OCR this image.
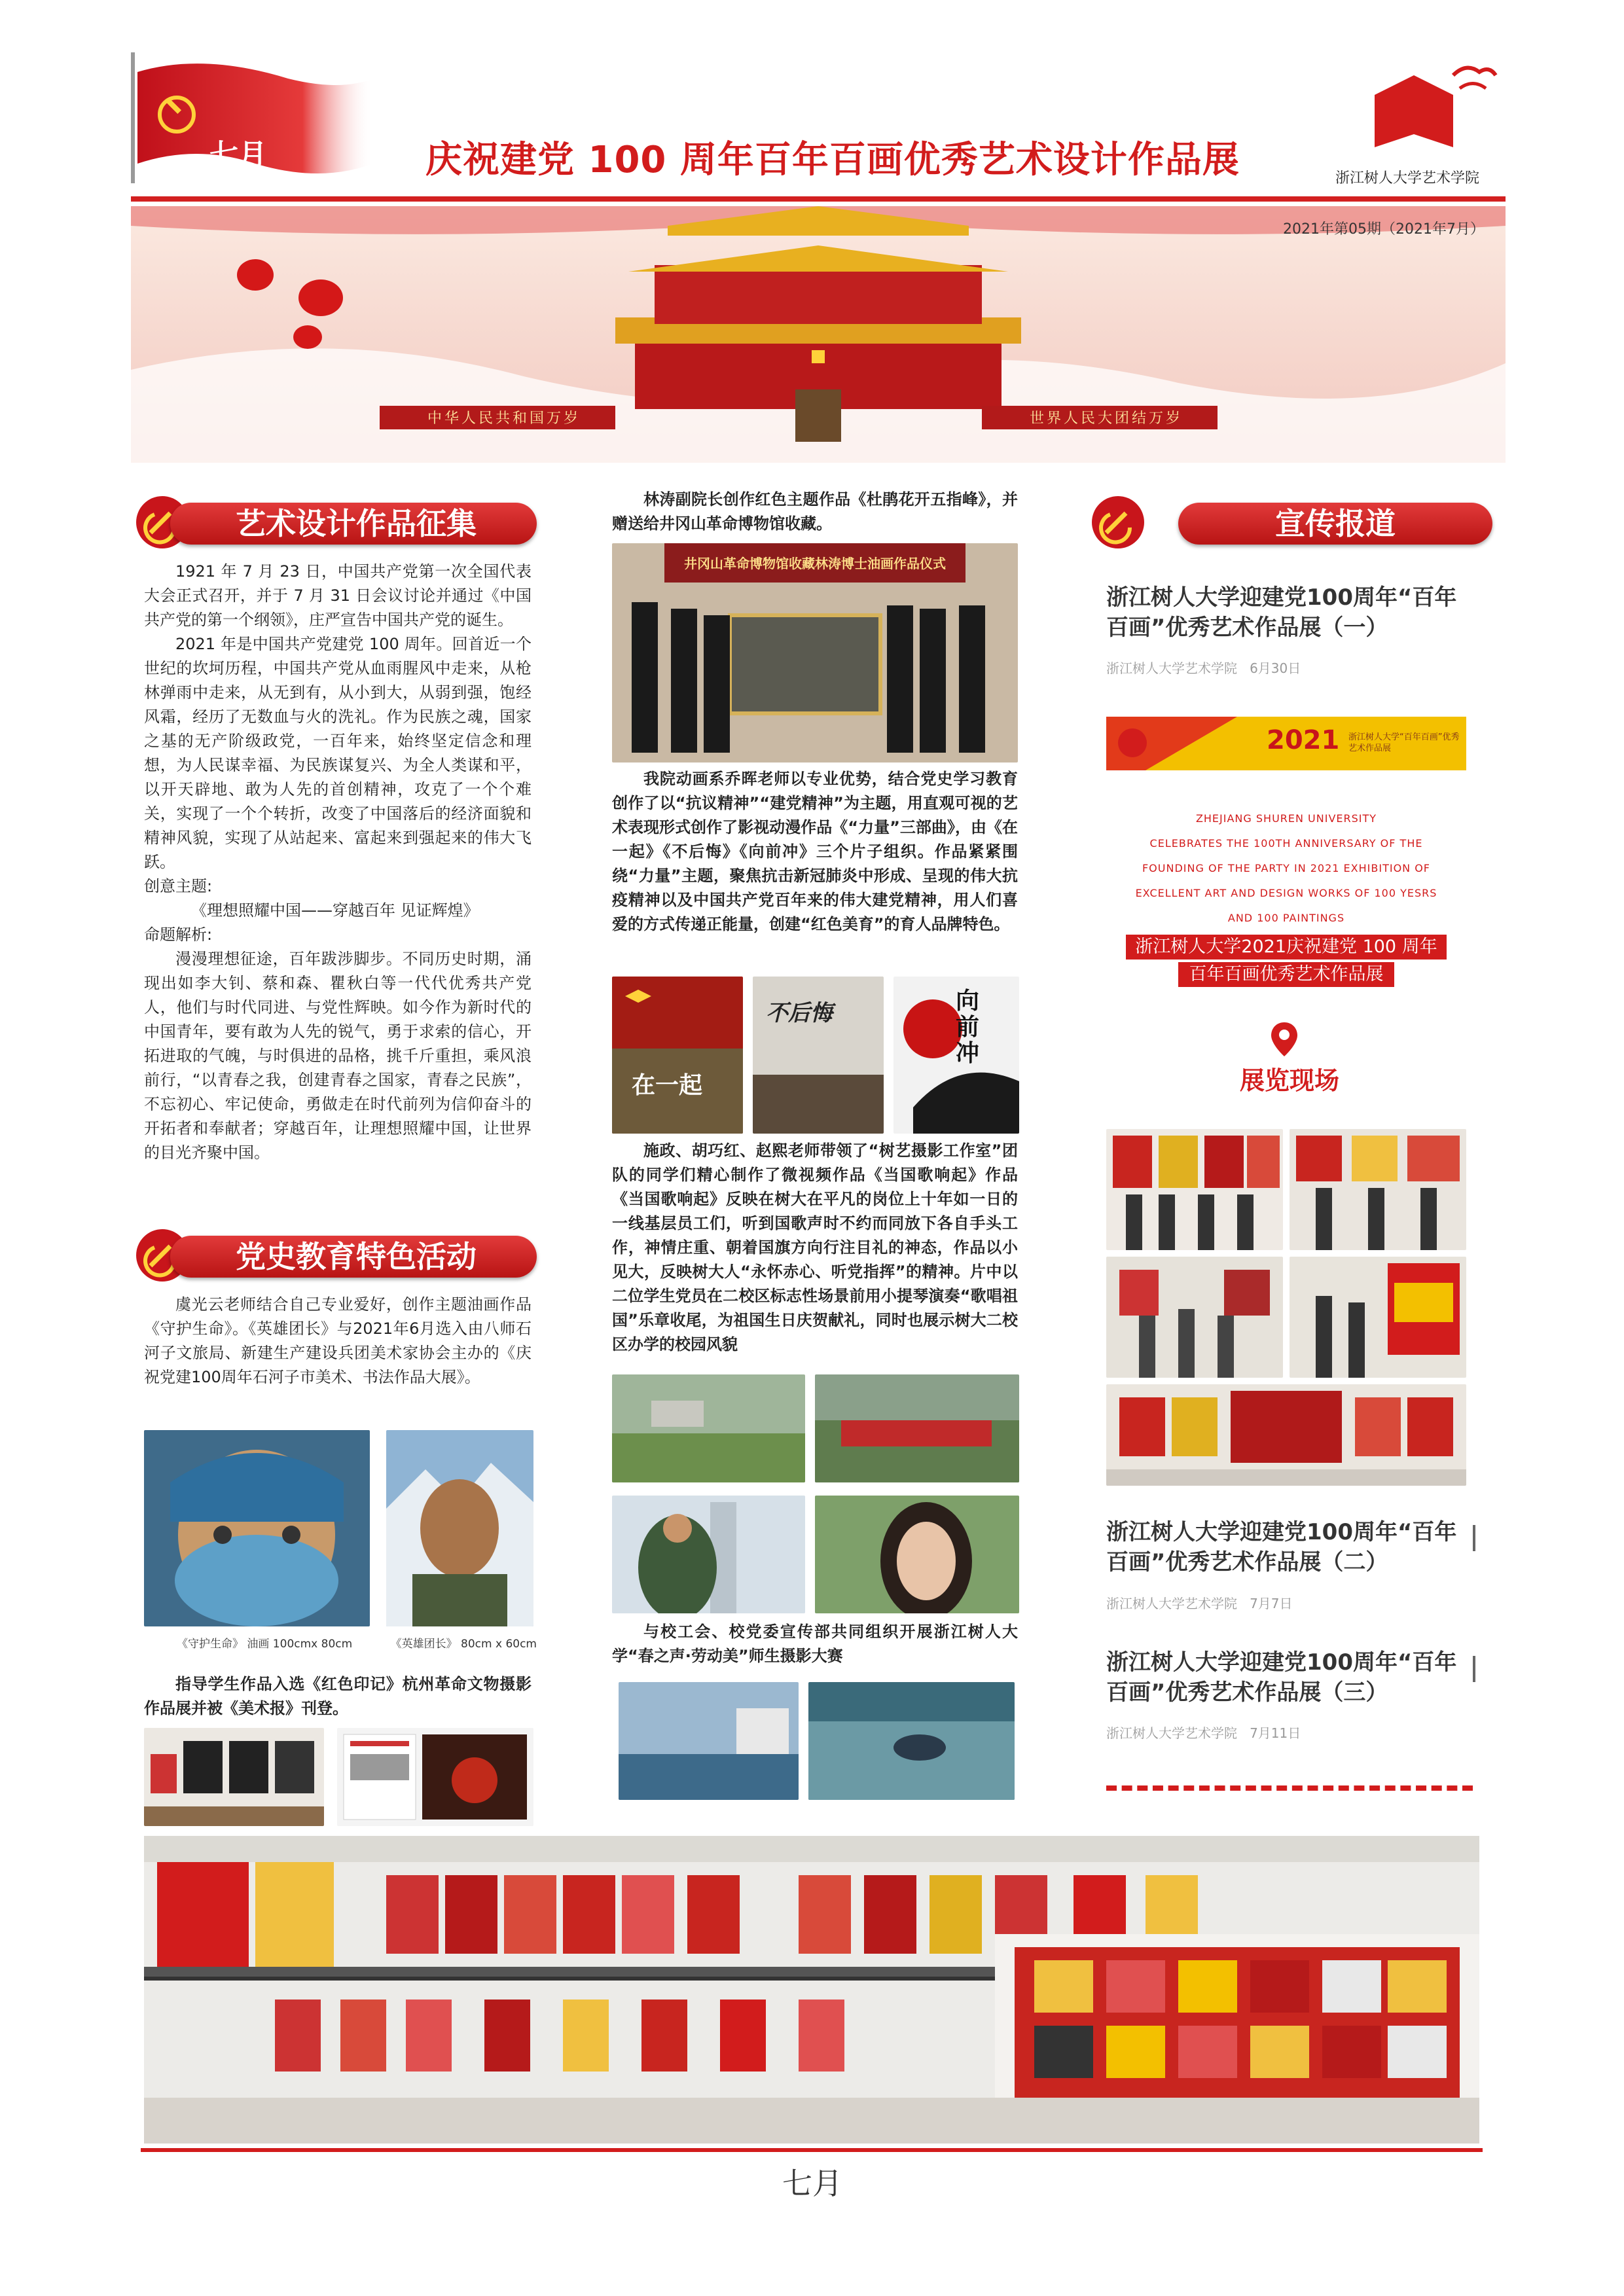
七月	庆祝建党 100 周年百年百画优秀艺术设计作品展	浙江树人大学艺术学院
中华人民共和国万岁	世界人民大团结万岁
2021年第05期（2021年7月）
艺术设计作品征集

1921 年 7 月 23 日，中国共产党第一次全国代表大会正式召开，并于 7 月 31 日会议讨论并通过《中国共产党的第一个纲领》，庄严宣告中国共产党的诞生。

2021 年是中国共产党建党 100 周年。回首近一个世纪的坎坷历程，中国共产党从血雨腥风中走来，从枪林弹雨中走来，从无到有，从小到大，从弱到强，饱经风霜，经历了无数血与火的洗礼。作为民族之魂，国家之基的无产阶级政党，一百年来，始终坚定信念和理想，为人民谋幸福、为民族谋复兴、为全人类谋和平，以开天辟地、敢为人先的首创精神，攻克了一个个难关，实现了一个个转折，改变了中国落后的经济面貌和精神风貌，实现了从站起来、富起来到强起来的伟大飞跃。

创意主题:

《理想照耀中国——穿越百年 见证辉煌》

命题解析:

漫漫理想征途，百年跋涉脚步。不同历史时期，涌现出如李大钊、蔡和森、瞿秋白等一代代优秀共产党人，他们与时代同进、与党性辉映。如今作为新时代的中国青年，要有敢为人先的锐气，勇于求索的信心，开拓进取的气魄，与时俱进的品格，挑千斤重担，乘风浪前行，“以青春之我，创建青春之国家，青春之民族”，不忘初心、牢记使命，勇做走在时代前列为信仰奋斗的开拓者和奉献者；穿越百年，让理想照耀中国，让世界的目光齐聚中国。

党史教育特色活动

虞光云老师结合自己专业爱好，创作主题油画作品《守护生命》。《英雄团长》与2021年6月选入由八师石河子文旅局、新建生产建设兵团美术家协会主办的《庆祝党建100周年石河子市美术、书法作品大展》。

《守护生命》 油画 100cmx 80cm	《英雄团长》 80cm x 60cm

指导学生作品入选《红色印记》杭州革命文物摄影作品展并被《美术报》刊登。

林涛副院长创作红色主题作品《杜鹃花开五指峰》，并赠送给井冈山革命博物馆收藏。

井冈山革命博物馆收藏林涛博士油画作品仪式

我院动画系乔晖老师以专业优势，结合党史学习教育创作了以“抗议精神”“建党精神”为主题，用直观可视的艺术表现形式创作了影视动漫作品《“力量”三部曲》，由《在一起》《不后悔》《向前冲》三个片子组织。作品紧紧围绕“力量”主题，聚焦抗击新冠肺炎中形成、呈现的伟大抗疫精神以及中国共产党百年来的伟大建党精神，用人们喜爱的方式传递正能量，创建“红色美育”的育人品牌特色。

在一起
不后悔	向前冲

施政、胡巧红、赵熙老师带领了“树艺摄影工作室”团队的同学们精心制作了微视频作品《当国歌响起》作品《当国歌响起》反映在树大在平凡的岗位上十年如一日的一线基层员工们，听到国歌声时不约而同放下各自手头工作，神情庄重、朝着国旗方向行注目礼的神态，作品以小见大，反映树大人“永怀赤心、听党指挥”的精神。片中以二位学生党员在二校区标志性场景前用小提琴演奏“歌唱祖国”乐章收尾，为祖国生日庆贺献礼，同时也展示树大二校区办学的校园风貌

与校工会、校党委宣传部共同组织开展浙江树人大学“春之声·劳动美”师生摄影大赛

宣传报道
浙江树人大学迎建党100周年“百年百画”优秀艺术作品展（一）
浙江树人大学艺术学院 6月30日
2021 浙江树人大学“百年百画”优秀艺术作品展
ZHEJIANG SHUREN UNIVERSITY
CELEBRATES THE 100TH ANNIVERSARY OF THE
FOUNDING OF THE PARTY IN 2021 EXHIBITION OF
EXCELLENT ART AND DESIGN WORKS OF 100 YESRS
AND 100 PAINTINGS
浙江树人大学2021庆祝建党 100 周年
百年百画优秀艺术作品展
展览现场
浙江树人大学迎建党100周年“百年百画”优秀艺术作品展（二）
浙江树人大学艺术学院 7月7日
浙江树人大学迎建党100周年“百年百画”优秀艺术作品展（三）
浙江树人大学艺术学院 7月11日
七月
